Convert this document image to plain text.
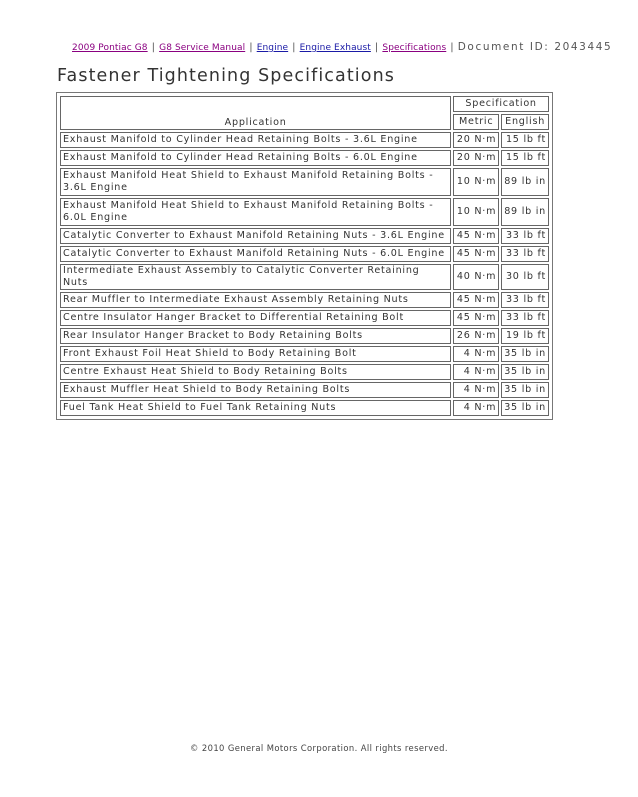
2009 Pontiac G8 | G8 Service Manual | Engine | Engine Exhaust | Specifications | Document ID: 2043445
Fastener Tightening Specifications
Application	Specification	
	Metric	English
Exhaust Manifold to Cylinder Head Retaining Bolts - 3.6L Engine	20 N·m	15 lb ft
Exhaust Manifold to Cylinder Head Retaining Bolts - 6.0L Engine	20 N·m	15 lb ft
Exhaust Manifold Heat Shield to Exhaust Manifold Retaining Bolts - 3.6L Engine	10 N·m	89 lb in
Exhaust Manifold Heat Shield to Exhaust Manifold Retaining Bolts - 6.0L Engine	10 N·m	89 lb in
Catalytic Converter to Exhaust Manifold Retaining Nuts - 3.6L Engine	45 N·m	33 lb ft
Catalytic Converter to Exhaust Manifold Retaining Nuts - 6.0L Engine	45 N·m	33 lb ft
Intermediate Exhaust Assembly to Catalytic Converter Retaining Nuts	40 N·m	30 lb ft
Rear Muffler to Intermediate Exhaust Assembly Retaining Nuts	45 N·m	33 lb ft
Centre Insulator Hanger Bracket to Differential Retaining Bolt	45 N·m	33 lb ft
Rear Insulator Hanger Bracket to Body Retaining Bolts	26 N·m	19 lb ft
Front Exhaust Foil Heat Shield to Body Retaining Bolt	4 N·m	35 lb in
Centre Exhaust Heat Shield to Body Retaining Bolts	4 N·m	35 lb in
Exhaust Muffler Heat Shield to Body Retaining Bolts	4 N·m	35 lb in
Fuel Tank Heat Shield to Fuel Tank Retaining Nuts	4 N·m	35 lb in
© 2010 General Motors Corporation. All rights reserved.
